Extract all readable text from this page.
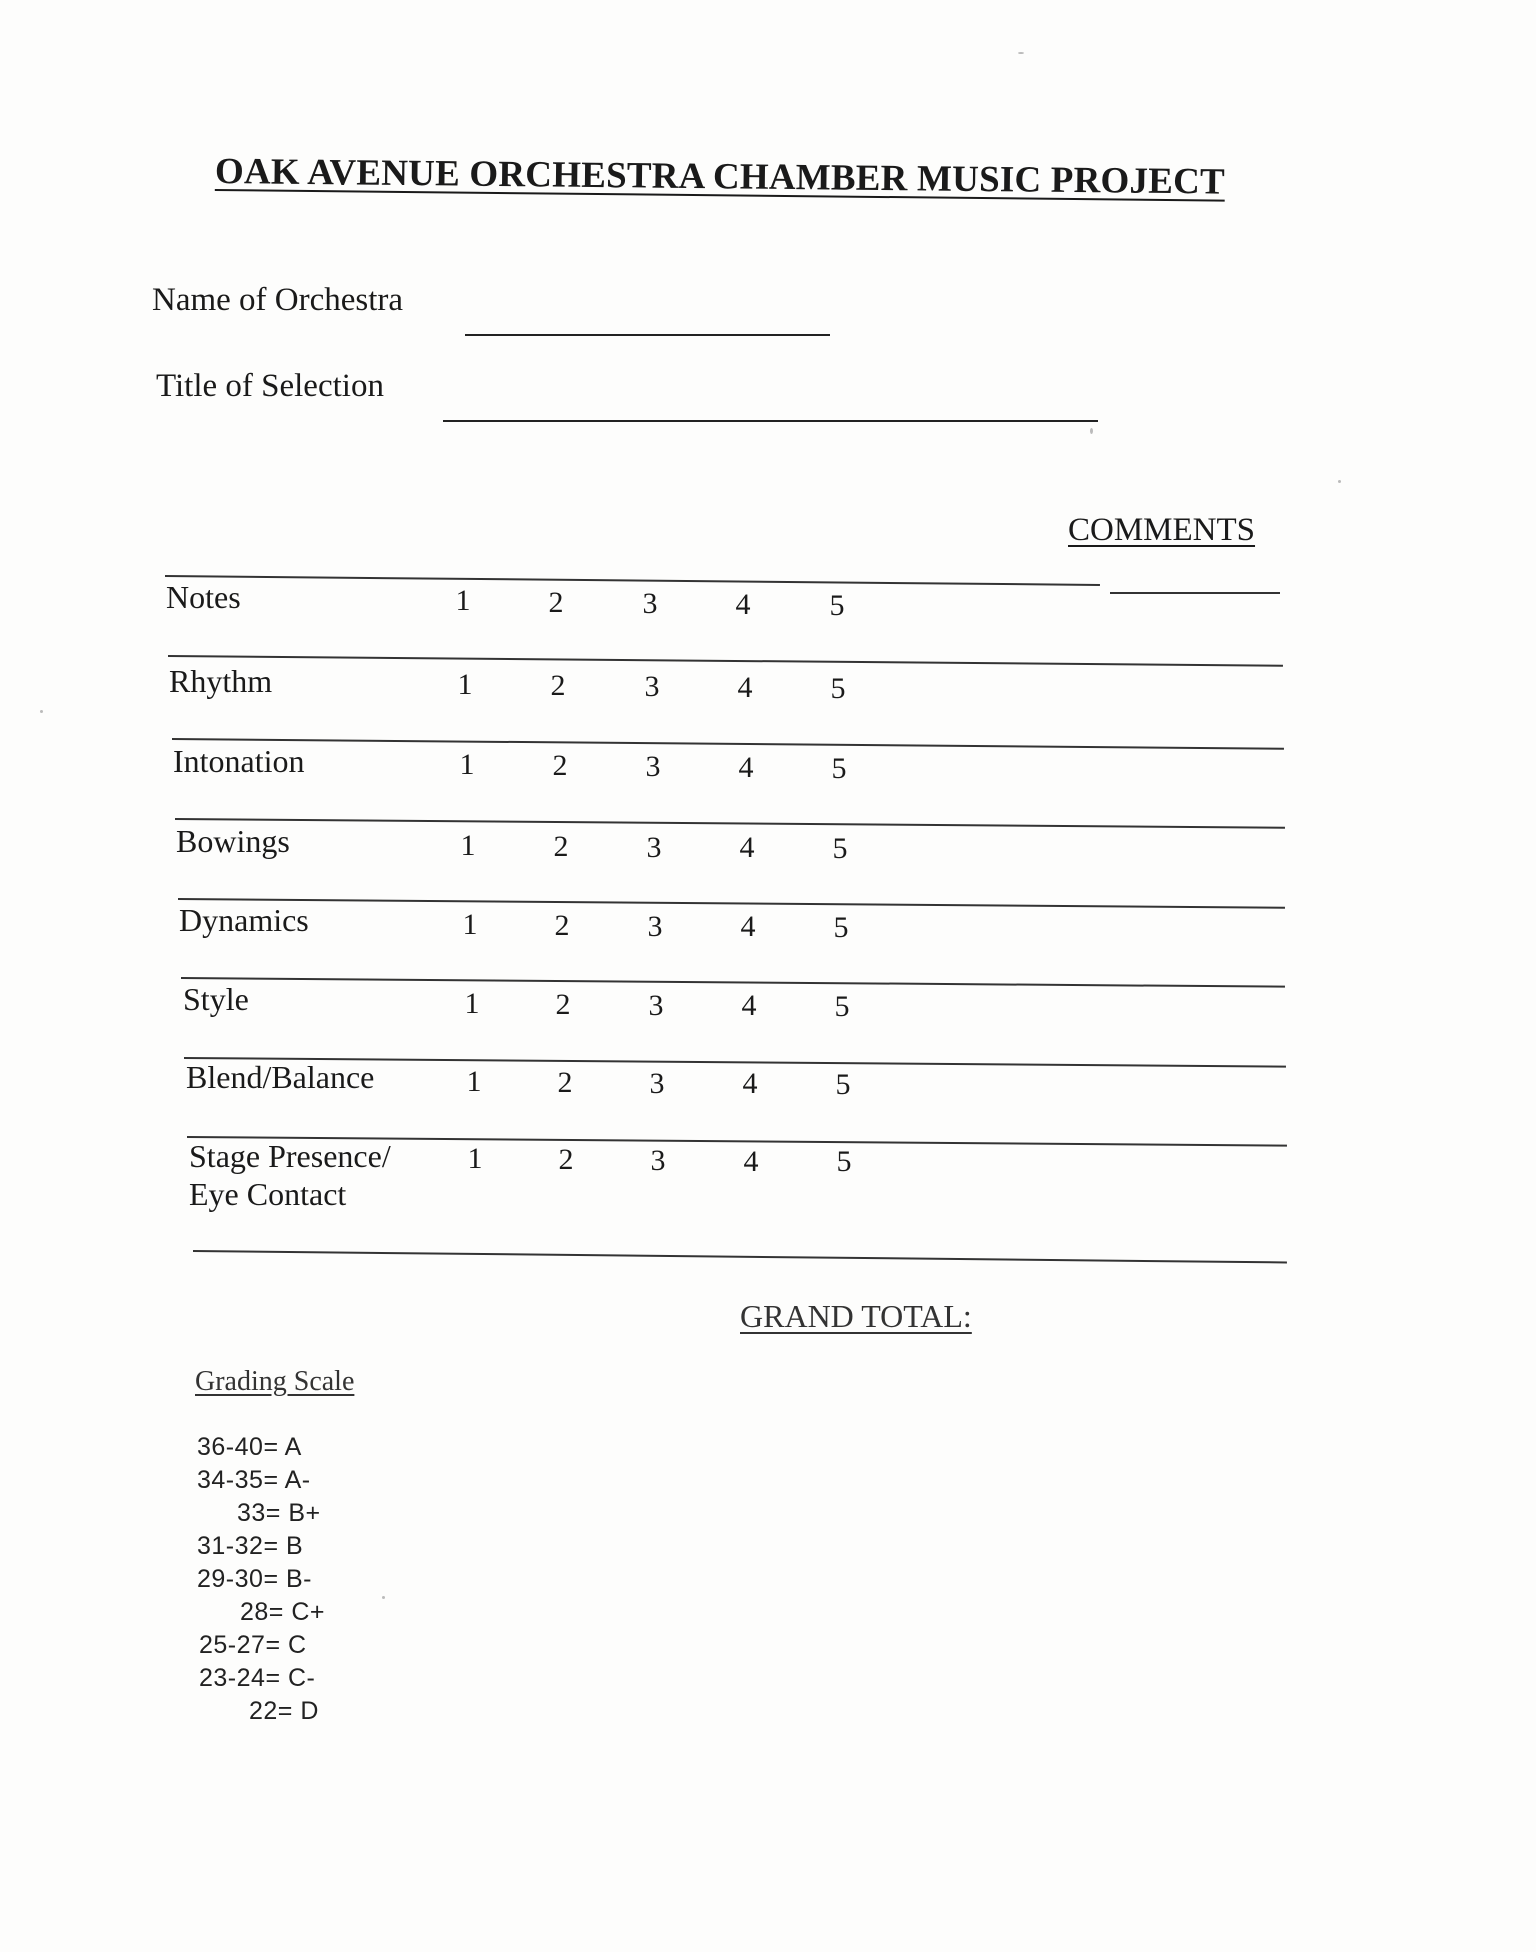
OAK AVENUE ORCHESTRA CHAMBER MUSIC PROJECT
Name of Orchestra
Title of Selection
COMMENTS
Notes	1	2	3	4	5
Rhythm	1	2	3	4	5
Intonation	1	2	3	4	5
Bowings	1	2	3	4	5
Dynamics	1	2	3	4	5
Style	1	2	3	4	5
Blend/Balance	1	2	3	4	5
Stage Presence/
Eye Contact
1	2	3	4	5
GRAND TOTAL:
Grading Scale
36-40= A
34-35= A-
33= B+
31-32= B
29-30= B-
28= C+
25-27= C
23-24= C-
22= D
